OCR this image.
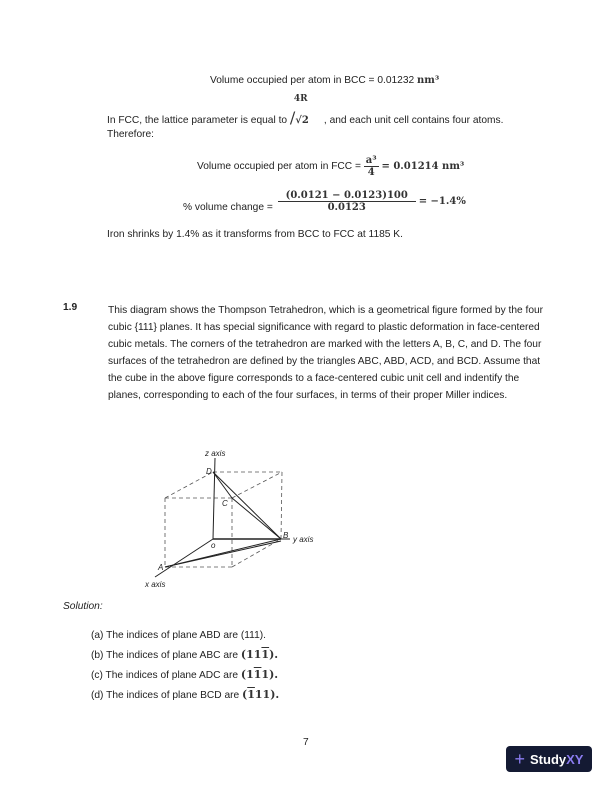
Volume occupied per atom in BCC = 0.01232 nm³
In FCC, the lattice parameter is equal to
4R
/√2 , and each unit cell contains four atoms.
Therefore:
Volume occupied per atom in FCC = $\frac{\text{a³}}{4} = 0.01214$ nm³
% volume change = $\frac{(0.0121 - 0.0123)100}{0.0123} = -1.4\%$
Iron shrinks by 1.4% as it transforms from BCC to FCC at 1185 K.
1.9	This diagram shows the Thompson Tetrahedron, which is a geometrical figure formed by the four cubic {111} planes. It has special significance with regard to plastic deformation in face-centered cubic metals. The corners of the tetrahedron are marked with the letters A, B, C, and D. The four surfaces of the tetrahedron are defined by the triangles ABC, ABD, ACD, and BCD. Assume that the cube in the above figure corresponds to a face-centered cubic unit cell and indentify the planes, corresponding to each of the four surfaces, in terms of their proper Miller indices.
z axis
y axis
x axis
D
C
B
A
o
Solution:
(a) The indices of plane ABD are (111).
(b) The indices of plane ABC are (111).
(c) The indices of plane ADC are (111).
(d) The indices of plane BCD are (111).
7
+ StudyXY
